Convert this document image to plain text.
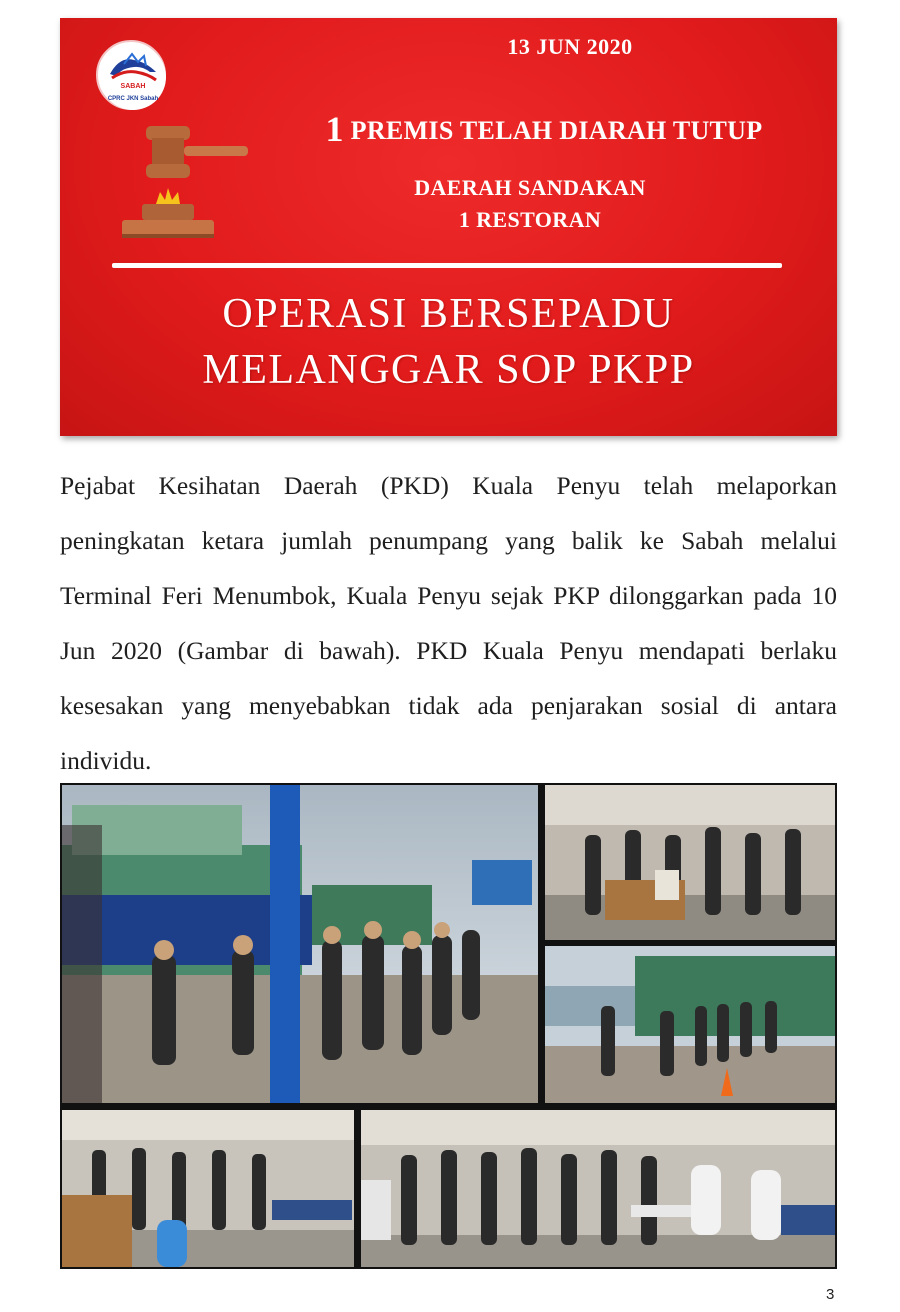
SABAH
CPRC JKN Sabah
13 JUN 2020
1 PREMIS TELAH DIARAH TUTUP
DAERAH SANDAKAN
1 RESTORAN
OPERASI BERSEPADU
MELANGGAR SOP PKPP

Pejabat Kesihatan Daerah (PKD) Kuala Penyu telah melaporkan peningkatan ketara jumlah penumpang yang balik ke Sabah melalui Terminal Feri Menumbok, Kuala Penyu sejak PKP dilonggarkan pada 10 Jun 2020 (Gambar di bawah). PKD Kuala Penyu mendapati berlaku kesesakan yang menyebabkan tidak ada penjarakan sosial di antara individu.

3
